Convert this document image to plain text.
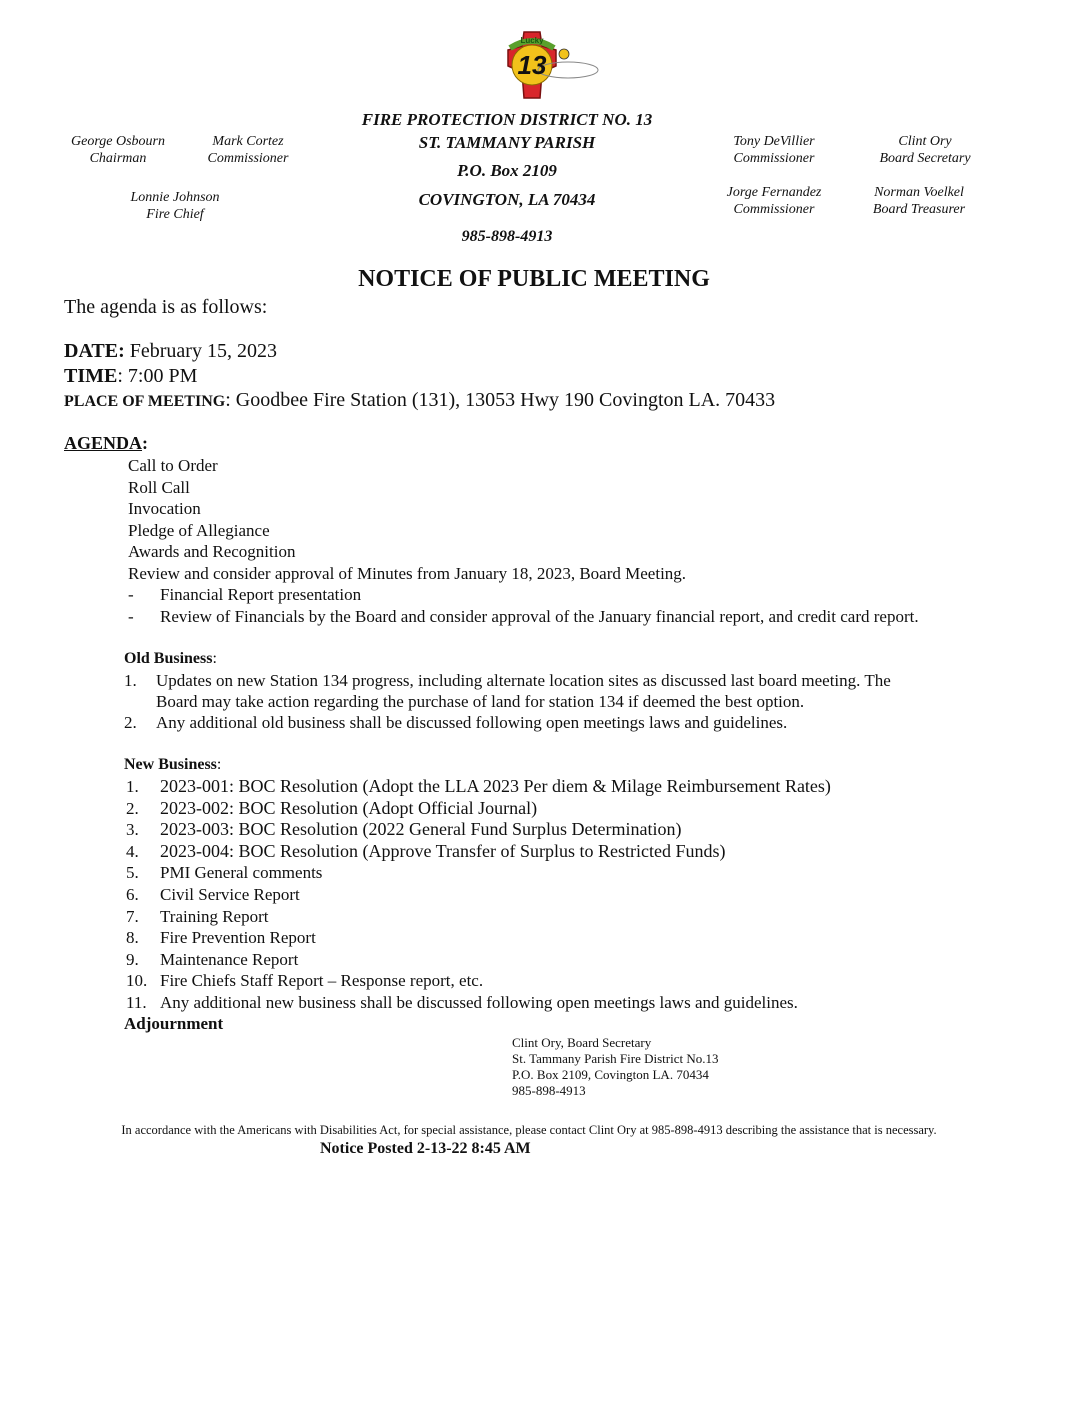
Lucky
13
FIRE PROTECTION DISTRICT NO. 13
ST. TAMMANY PARISH
P.O. Box 2109
COVINGTON, LA 70434
985-898-4913
George Osbourn
Chairman
Mark Cortez
Commissioner
Lonnie Johnson
Fire Chief
Tony DeVillier
Commissioner
Clint Ory
Board Secretary
Jorge Fernandez
Commissioner
Norman Voelkel
Board Treasurer
NOTICE OF PUBLIC MEETING
The agenda is as follows:
DATE: February 15, 2023
TIME: 7:00 PM
PLACE OF MEETING: Goodbee Fire Station (131), 13053 Hwy 190 Covington LA. 70433
AGENDA:
Call to Order
Roll Call
Invocation
Pledge of Allegiance
Awards and Recognition
Review and consider approval of Minutes from January 18, 2023, Board Meeting.
- Financial Report presentation
- Review of Financials by the Board and consider approval of the January financial report, and credit card report.
Old Business:
1. Updates on new Station 134 progress, including alternate location sites as discussed last board meeting. The
Board may take action regarding the purchase of land for station 134 if deemed the best option.
2. Any additional old business shall be discussed following open meetings laws and guidelines.
New Business:
1. 2023-001: BOC Resolution (Adopt the LLA 2023 Per diem & Milage Reimbursement Rates)
2. 2023-002: BOC Resolution (Adopt Official Journal)
3. 2023-003: BOC Resolution (2022 General Fund Surplus Determination)
4. 2023-004: BOC Resolution (Approve Transfer of Surplus to Restricted Funds)
5. PMI General comments
6. Civil Service Report
7. Training Report
8. Fire Prevention Report
9. Maintenance Report
10. Fire Chiefs Staff Report – Response report, etc.
11. Any additional new business shall be discussed following open meetings laws and guidelines.
Adjournment
Clint Ory, Board Secretary
St. Tammany Parish Fire District No.13
P.O. Box 2109, Covington LA. 70434
985-898-4913
In accordance with the Americans with Disabilities Act, for special assistance, please contact Clint Ory at 985-898-4913 describing the assistance that is necessary.
Notice Posted 2-13-22 8:45 AM
